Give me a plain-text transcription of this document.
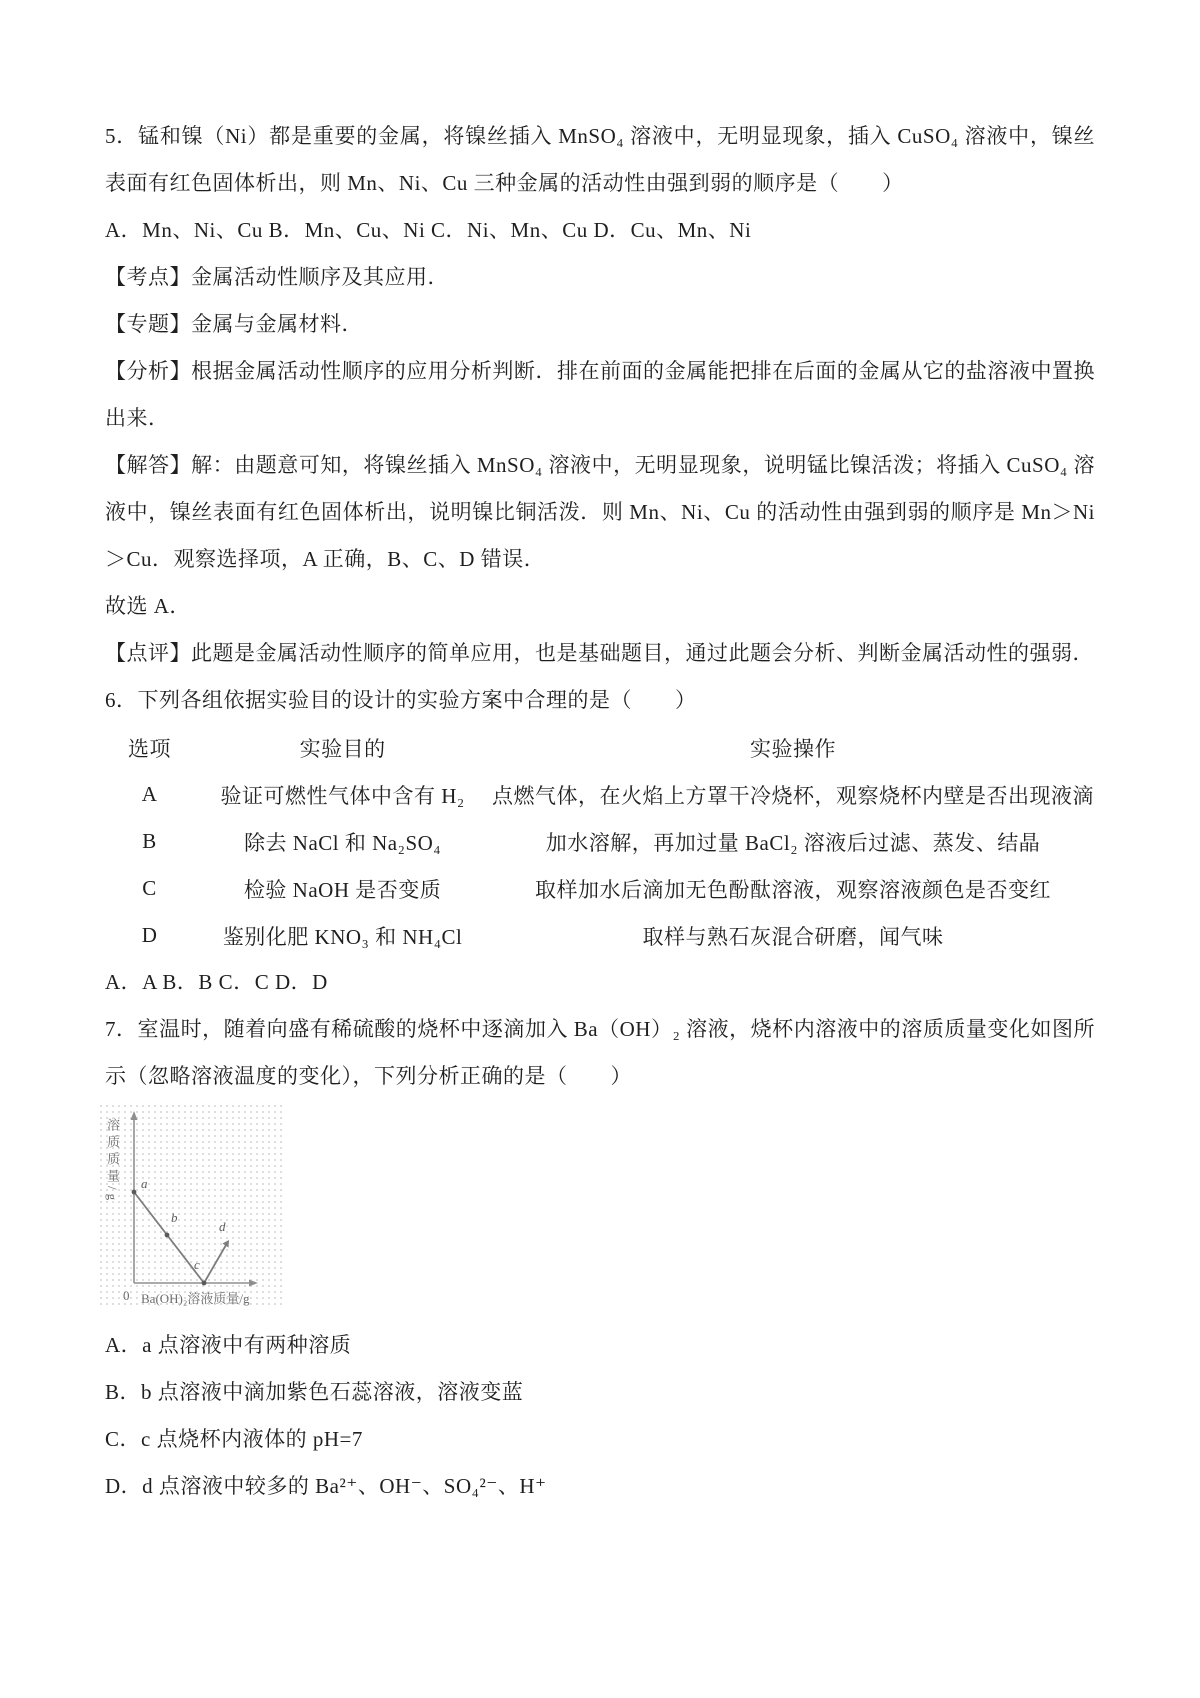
5．锰和镍（Ni）都是重要的金属，将镍丝插入 MnSO₄ 溶液中，无明显现象，插入 CuSO₄ 溶液中，镍丝表面有红色固体析出，则 Mn、Ni、Cu 三种金属的活动性由强到弱的顺序是（　　）

A．Mn、Ni、Cu B．Mn、Cu、Ni C．Ni、Mn、Cu D．Cu、Mn、Ni

【考点】金属活动性顺序及其应用．

【专题】金属与金属材料．

【分析】根据金属活动性顺序的应用分析判断．排在前面的金属能把排在后面的金属从它的盐溶液中置换出来．

【解答】解：由题意可知，将镍丝插入 MnSO₄ 溶液中，无明显现象，说明锰比镍活泼；将插入 CuSO₄ 溶液中，镍丝表面有红色固体析出，说明镍比铜活泼．则 Mn、Ni、Cu 的活动性由强到弱的顺序是 Mn＞Ni＞Cu．观察选择项，A 正确，B、C、D 错误．

故选 A．

【点评】此题是金属活动性顺序的简单应用，也是基础题目，通过此题会分析、判断金属活动性的强弱．

6．下列各组依据实验目的设计的实验方案中合理的是（　　）

选项	实验目的	实验操作
A	验证可燃性气体中含有 H₂	点燃气体，在火焰上方罩干冷烧杯，观察烧杯内壁是否出现液滴
B	除去 NaCl 和 Na₂SO₄	加水溶解，再加过量 BaCl₂ 溶液后过滤、蒸发、结晶
C	检验 NaOH 是否变质	取样加水后滴加无色酚酞溶液，观察溶液颜色是否变红
D	鉴别化肥 KNO₃ 和 NH₄Cl	取样与熟石灰混合研磨，闻气味

A．A B．B C．C D．D

7．室温时，随着向盛有稀硫酸的烧杯中逐滴加入 Ba（OH）₂ 溶液，烧杯内溶液中的溶质质量变化如图所示（忽略溶液温度的变化），下列分析正确的是（　　）

溶质质量/g
0 Ba(OH)₂溶液质量/g
a
b
c
d

A．a 点溶液中有两种溶质

B．b 点溶液中滴加紫色石蕊溶液，溶液变蓝

C．c 点烧杯内液体的 pH=7

D．d 点溶液中较多的 Ba²⁺、OH⁻、SO₄²⁻、H⁺
